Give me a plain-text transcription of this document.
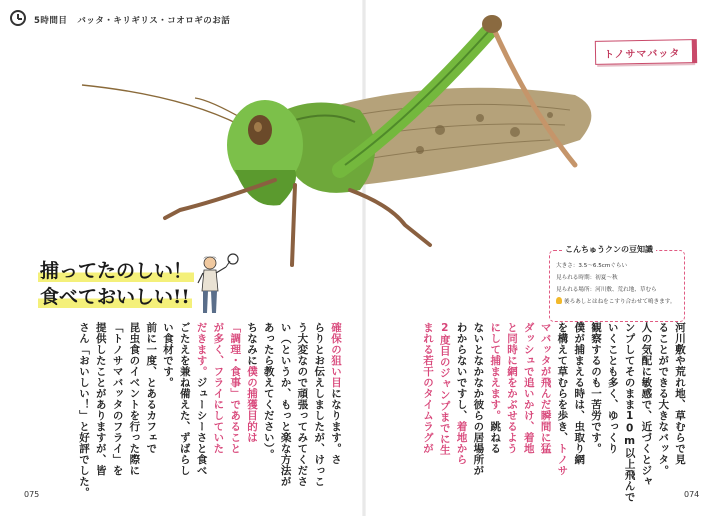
5時間目 バッタ・キリギリス・コオロギのお話
トノサマバッタ
捕ってたのしい！
食べておいしい!!
こんちゅうクンの豆知識
大きさ：3.5～6.5cmぐらい
見られる時期：初夏～秋
見られる場所：河川敷、荒れ地、草むら
後ろあしとはねをこすり合わせて鳴きます。
河川敷や荒れ地、草むらで見
ることができる大きなバッタ。
人の気配に敏感で、近づくとジャ
ンプしてそのまま10m以上飛んで
いくことも多く、ゆっくり
観察するのも一苦労です。
僕が捕まえる時は、虫取り網
を構えて草むらを歩き、トノサ
マバッタが飛んだ瞬間に猛
ダッシュで追いかけ、着地
と同時に網をかぶせるよう
にして捕まえます。跳ねる
ないとなかなか彼らの居場所が
わからないですし、着地から
2度目のジャンプまでに生
まれる若干のタイムラグが
確保の狙い目になります。さ
らりとお伝えしましたが、けっこ
う大変なので頑張ってみてくださ
い（というか、もっと楽な方法が
あったら教えてください）。
ちなみに僕の捕獲目的は
「調理・食事」であること
が多く、フライにしていた
だきます。ジューシーさと食べ
ごたえを兼ね備えた、ずばらし
い食材です。
前に一度、とあるカフェで
昆虫食のイベントを行った際に
「トノサマバッタのフライ」を
提供したことがありますが、皆
さん「おいしい！」と好評でした。
075	074
